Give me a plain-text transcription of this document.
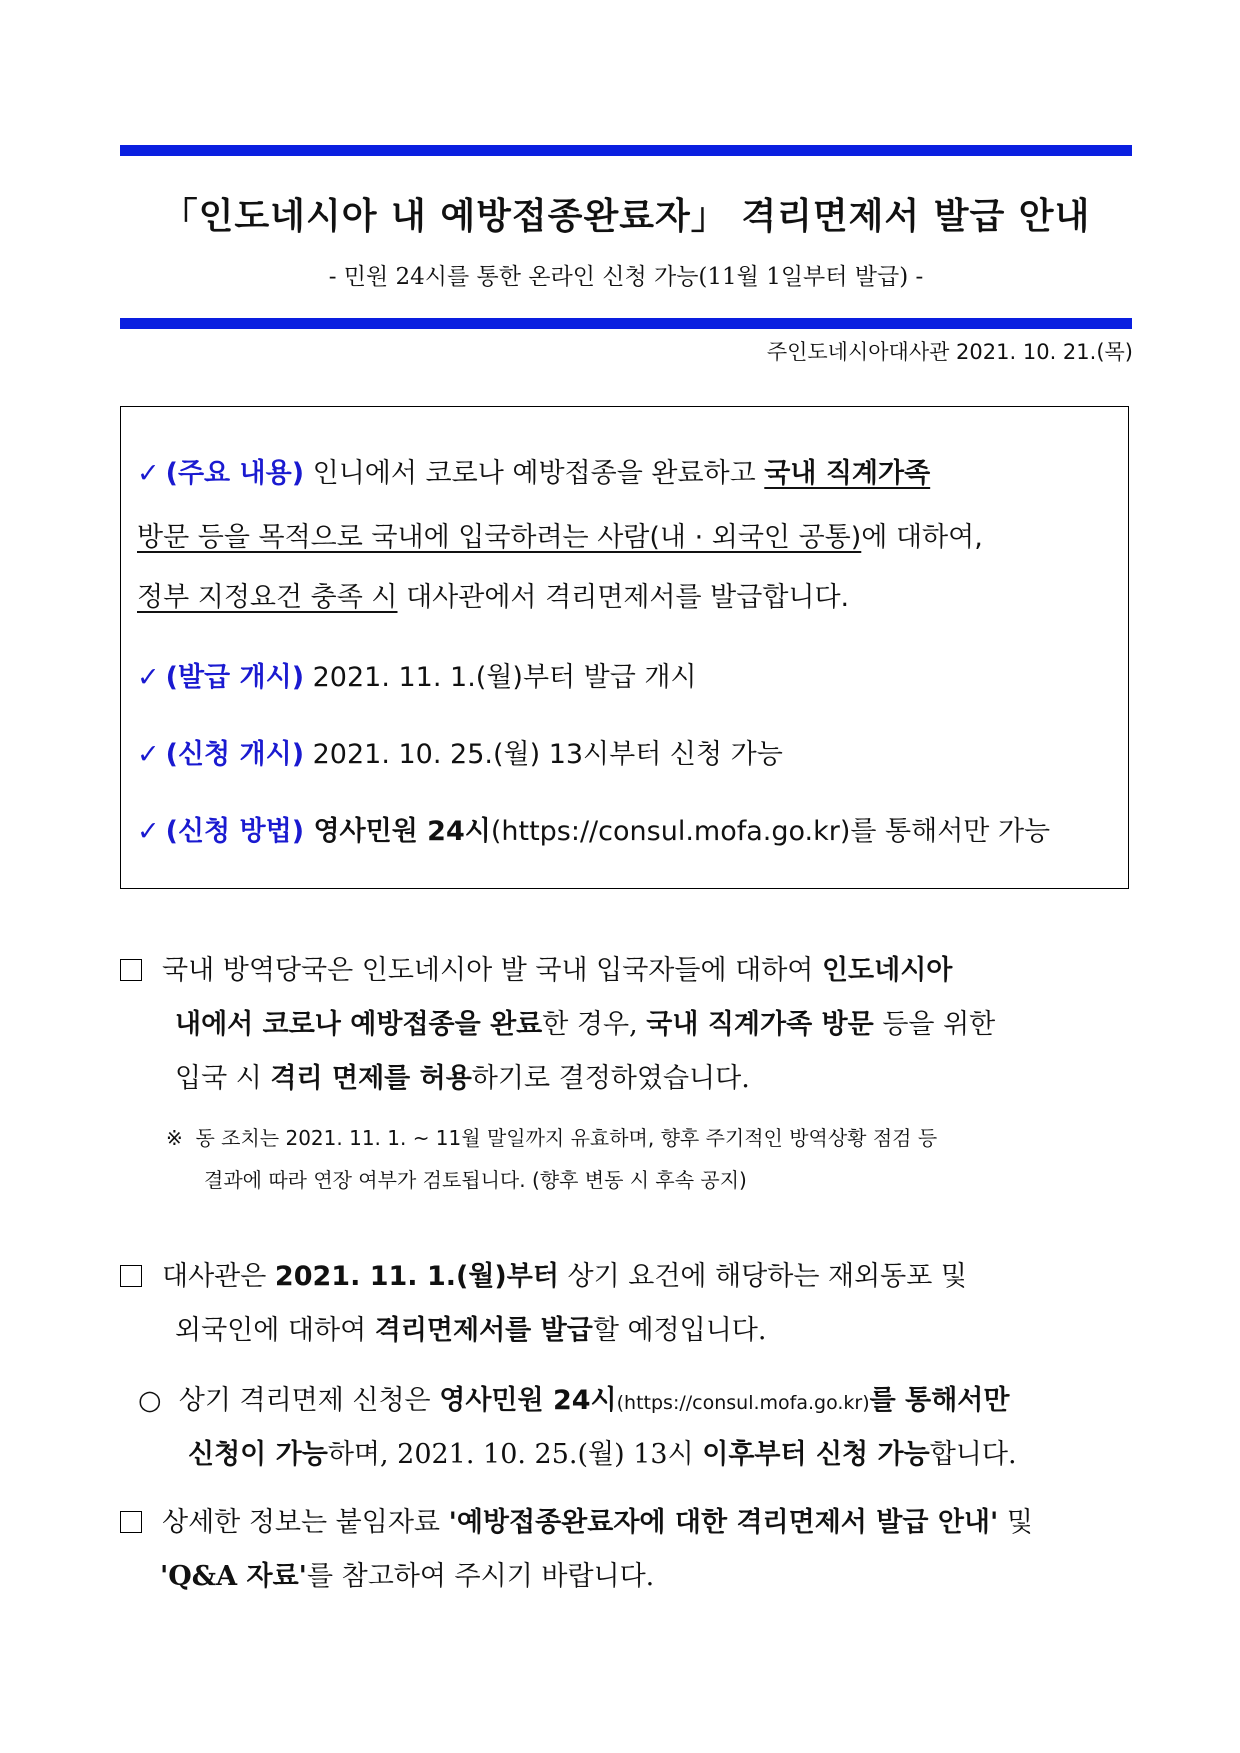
「인도네시아 내 예방접종완료자」 격리면제서 발급 안내
- 민원 24시를 통한 온라인 신청 가능(11월 1일부터 발급) -
주인도네시아대사관 2021. 10. 21.(목)
✓ (주요 내용) 인니에서 코로나 예방접종을 완료하고 국내 직계가족
방문 등을 목적으로 국내에 입국하려는 사람(내 · 외국인 공통)에 대하여,
정부 지정요건 충족 시 대사관에서 격리면제서를 발급합니다.
✓ (발급 개시) 2021. 11. 1.(월)부터 발급 개시
✓ (신청 개시) 2021. 10. 25.(월) 13시부터 신청 가능
✓ (신청 방법) 영사민원 24시(https://consul.mofa.go.kr)를 통해서만 가능
국내 방역당국은 인도네시아 발 국내 입국자들에 대하여 인도네시아
내에서 코로나 예방접종을 완료한 경우, 국내 직계가족 방문 등을 위한
입국 시 격리 면제를 허용하기로 결정하였습니다.
※ 동 조치는 2021. 11. 1. ~ 11월 말일까지 유효하며, 향후 주기적인 방역상황 점검 등
결과에 따라 연장 여부가 검토됩니다. (향후 변동 시 후속 공지)
대사관은 2021. 11. 1.(월)부터 상기 요건에 해당하는 재외동포 및
외국인에 대하여 격리면제서를 발급할 예정입니다.
○ 상기 격리면제 신청은 영사민원 24시(https://consul.mofa.go.kr)를 통해서만
신청이 가능하며, 2021. 10. 25.(월) 13시 이후부터 신청 가능합니다.
상세한 정보는 붙임자료 '예방접종완료자에 대한 격리면제서 발급 안내' 및
'Q&A 자료'를 참고하여 주시기 바랍니다.
